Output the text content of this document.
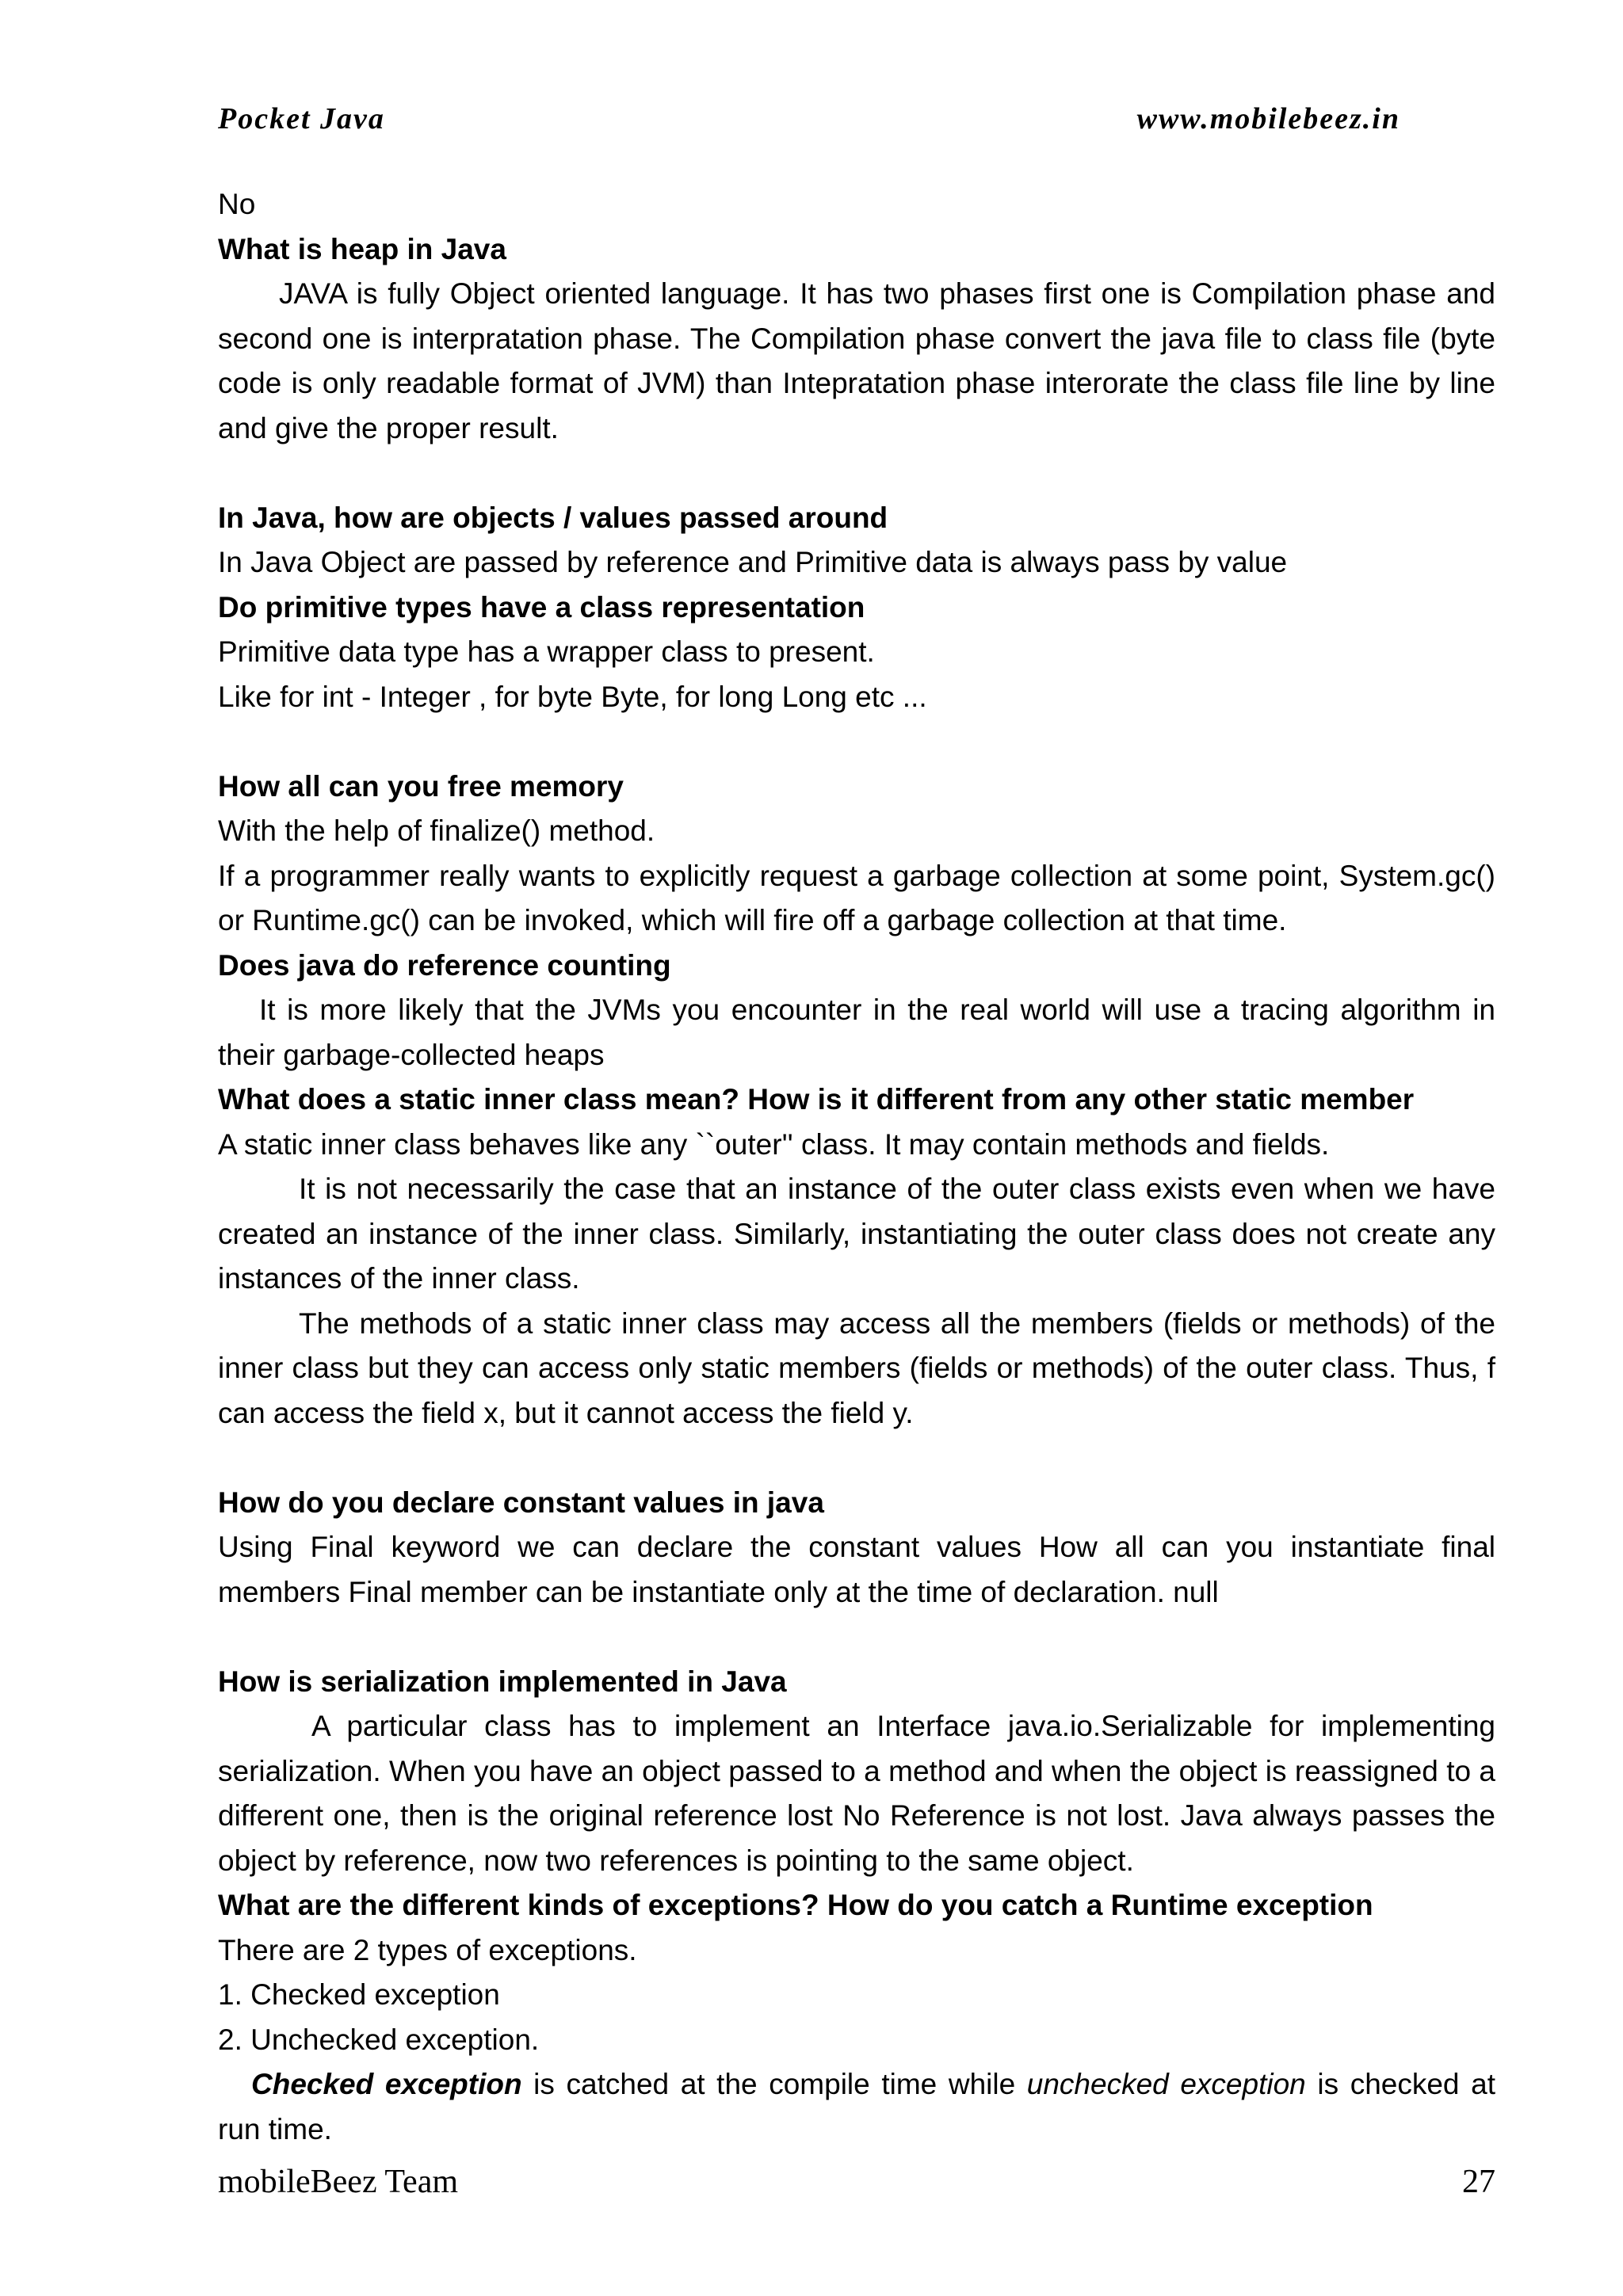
Pocket Java	www.mobilebeez.in

No

What is heap in Java

JAVA is fully Object oriented language. It has two phases first one is Compilation phase and second one is interpratation phase. The Compilation phase convert the java file to class file (byte code is only readable format of JVM) than Intepratation phase interorate the class file line by line and give the proper result.

In Java, how are objects / values passed around

In Java Object are passed by reference and Primitive data is always pass by value

Do primitive types have a class representation

Primitive data type has a wrapper class to present.

Like for int - Integer , for byte Byte, for long Long etc ...

How all can you free memory

With the help of finalize() method.

If a programmer really wants to explicitly request a garbage collection at some point, System.gc() or Runtime.gc() can be invoked, which will fire off a garbage collection at that time.

Does java do reference counting

It is more likely that the JVMs you encounter in the real world will use a tracing algorithm in their garbage-collected heaps

What does a static inner class mean? How is it different from any other static member

A static inner class behaves like any ``outer'' class. It may contain methods and fields.

It is not necessarily the case that an instance of the outer class exists even when we have created an instance of the inner class. Similarly, instantiating the outer class does not create any instances of the inner class.

The methods of a static inner class may access all the members (fields or methods) of the inner class but they can access only static members (fields or methods) of the outer class. Thus, f can access the field x, but it cannot access the field y.

How do you declare constant values in java

Using Final keyword we can declare the constant values How all can you instantiate final members Final member can be instantiate only at the time of declaration. null

How is serialization implemented in Java

A particular class has to implement an Interface java.io.Serializable for implementing serialization. When you have an object passed to a method and when the object is reassigned to a different one, then is the original reference lost No Reference is not lost. Java always passes the object by reference, now two references is pointing to the same object.

What are the different kinds of exceptions? How do you catch a Runtime exception

There are 2 types of exceptions.

1. Checked exception

2. Unchecked exception.

Checked exception is catched at the compile time while unchecked exception is checked at run time.

mobileBeez Team	27
